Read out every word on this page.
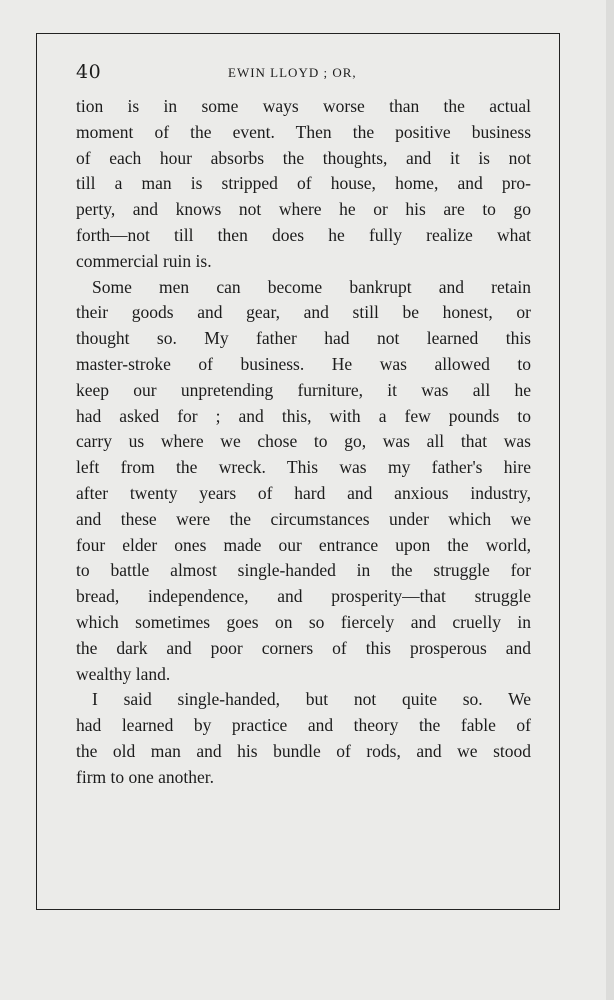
40	EWIN LLOYD ; OR,
tion is in some ways worse than the actual
moment of the event. Then the positive business
of each hour absorbs the thoughts, and it is not
till a man is stripped of house, home, and pro-
perty, and knows not where he or his are to go
forth—not till then does he fully realize what
commercial ruin is.
Some men can become bankrupt and retain
their goods and gear, and still be honest, or
thought so. My father had not learned this
master-stroke of business. He was allowed to
keep our unpretending furniture, it was all he
had asked for ; and this, with a few pounds to
carry us where we chose to go, was all that was
left from the wreck. This was my father's hire
after twenty years of hard and anxious industry,
and these were the circumstances under which we
four elder ones made our entrance upon the world,
to battle almost single-handed in the struggle for
bread, independence, and prosperity—that struggle
which sometimes goes on so fiercely and cruelly in
the dark and poor corners of this prosperous and
wealthy land.
I said single-handed, but not quite so. We
had learned by practice and theory the fable of
the old man and his bundle of rods, and we stood
firm to one another.
